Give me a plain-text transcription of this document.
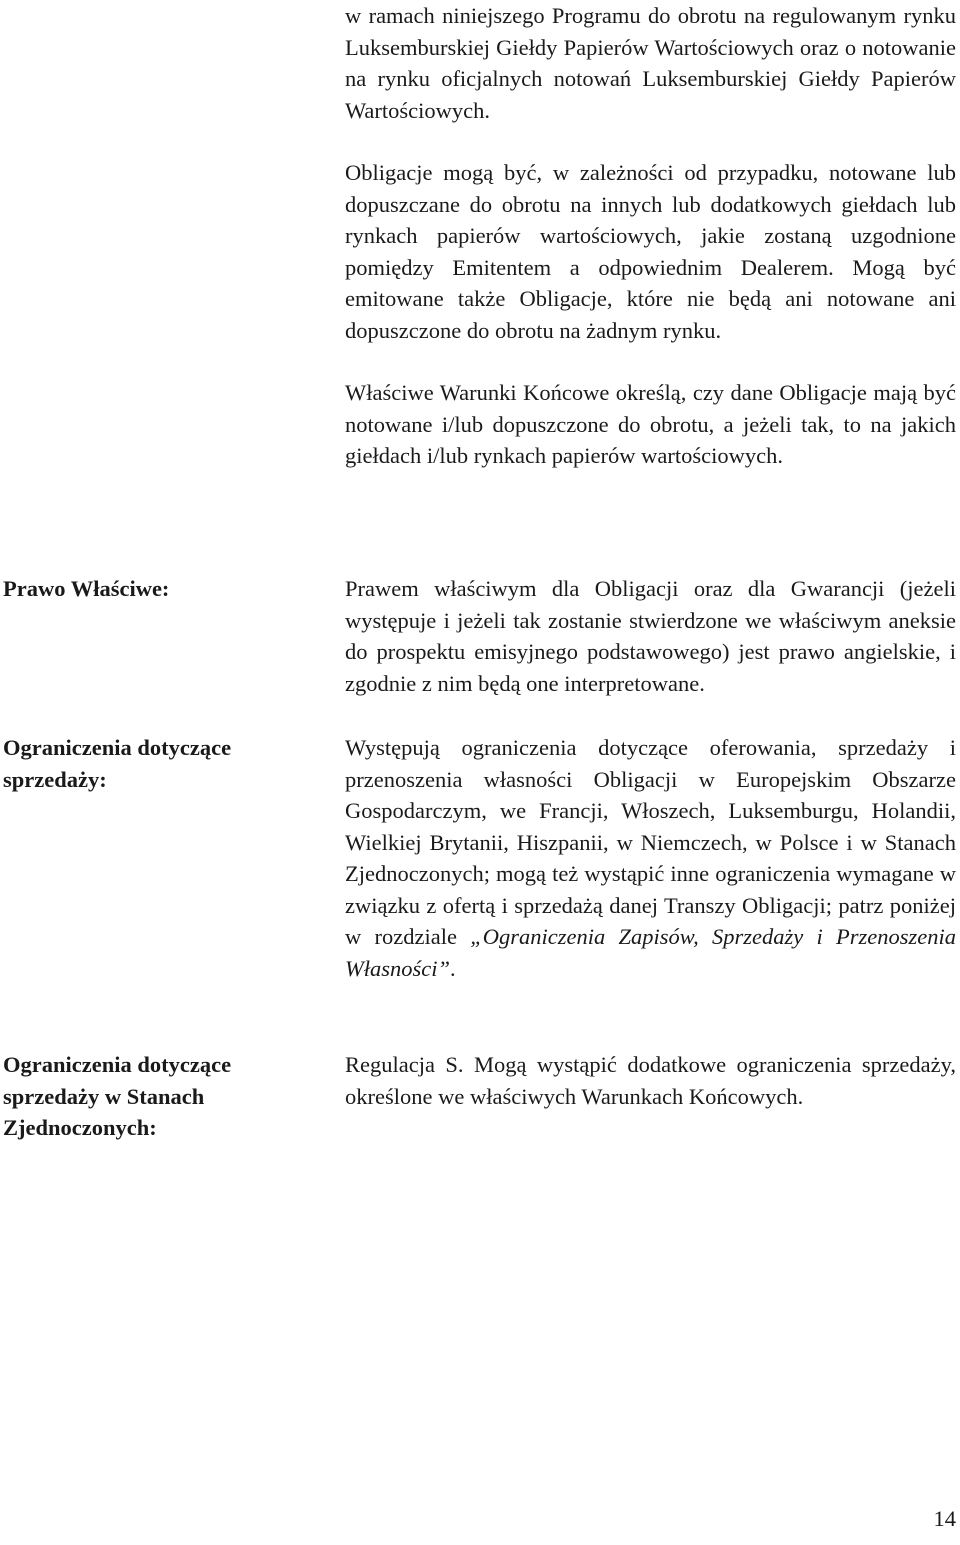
w ramach niniejszego Programu do obrotu na regulowanym rynku Luksemburskiej Giełdy Papierów Wartościowych oraz o notowanie na rynku oficjalnych notowań Luksemburskiej Giełdy Papierów Wartościowych.

Obligacje mogą być, w zależności od przypadku, notowane lub dopuszczane do obrotu na innych lub dodatkowych giełdach lub rynkach papierów wartościowych, jakie zostaną uzgodnione pomiędzy Emitentem a odpowiednim Dealerem. Mogą być emitowane także Obligacje, które nie będą ani notowane ani dopuszczone do obrotu na żadnym rynku.

Właściwe Warunki Końcowe określą, czy dane Obligacje mają być notowane i/lub dopuszczone do obrotu, a jeżeli tak, to na jakich giełdach i/lub rynkach papierów wartościowych.

Prawo Właściwe:	Prawem właściwym dla Obligacji oraz dla Gwarancji (jeżeli występuje i jeżeli tak zostanie stwierdzone we właściwym aneksie do prospektu emisyjnego podstawowego) jest prawo angielskie, i zgodnie z nim będą one interpretowane.

Ograniczenia dotyczące sprzedaży:

Występują ograniczenia dotyczące oferowania, sprzedaży i przenoszenia własności Obligacji w Europejskim Obszarze Gospodarczym, we Francji, Włoszech, Luksemburgu, Holandii, Wielkiej Brytanii, Hiszpanii, w Niemczech, w Polsce i w Stanach Zjednoczonych; mogą też wystąpić inne ograniczenia wymagane w związku z ofertą i sprzedażą danej Transzy Obligacji; patrz poniżej w rozdziale „Ograniczenia Zapisów, Sprzedaży i Przenoszenia Własności”.

Ograniczenia dotyczące sprzedaży w Stanach Zjednoczonych:

Regulacja S. Mogą wystąpić dodatkowe ograniczenia sprzedaży, określone we właściwych Warunkach Końcowych.

14
